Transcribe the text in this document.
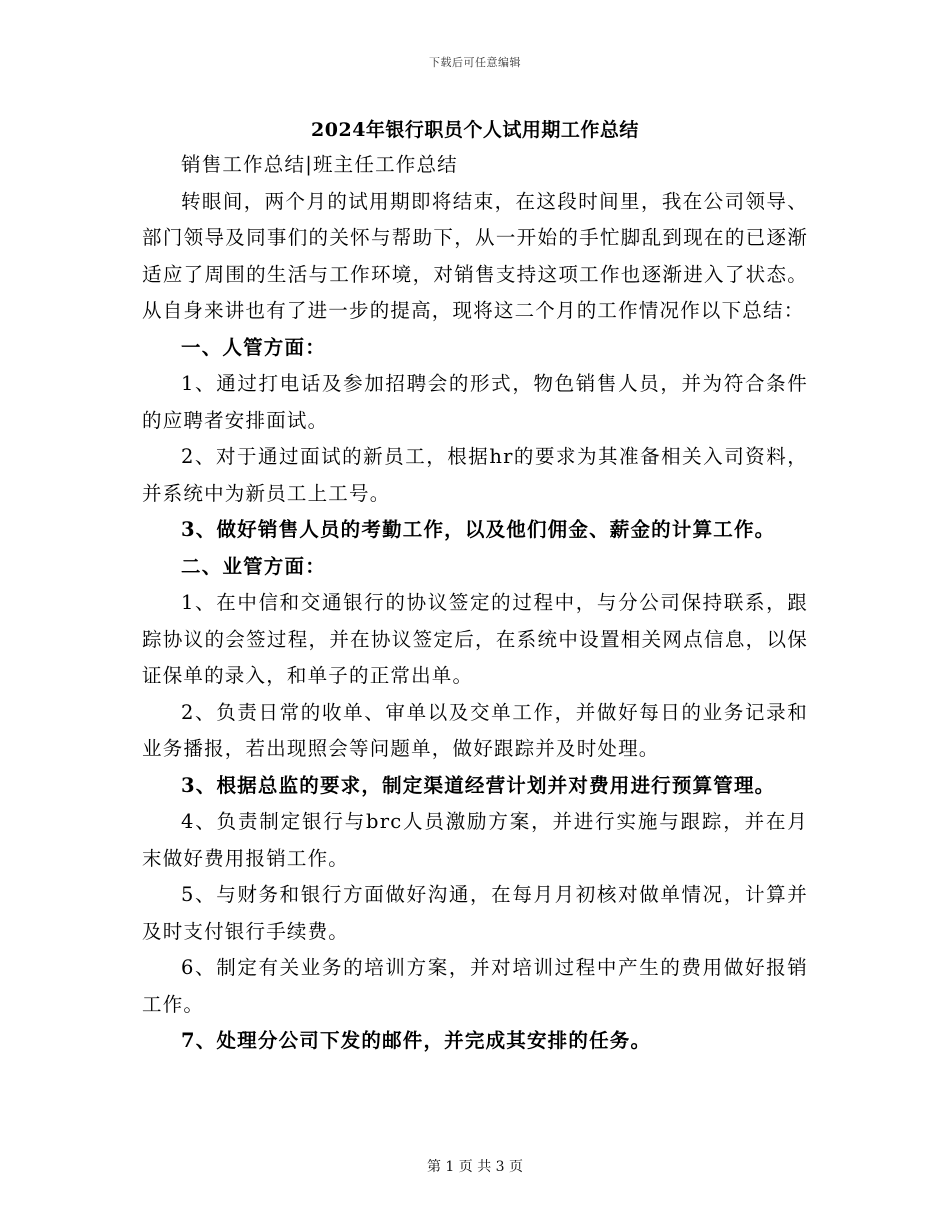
下载后可任意编辑
2024年银行职员个人试用期工作总结

销售工作总结|班主任工作总结

转眼间，两个月的试用期即将结束，在这段时间里，我在公司领导、部门领导及同事们的关怀与帮助下，从一开始的手忙脚乱到现在的已逐渐适应了周围的生活与工作环境，对销售支持这项工作也逐渐进入了状态。从自身来讲也有了进一步的提高，现将这二个月的工作情况作以下总结：

一、人管方面：

1、通过打电话及参加招聘会的形式，物色销售人员，并为符合条件的应聘者安排面试。

2、对于通过面试的新员工，根据hr的要求为其准备相关入司资料，并系统中为新员工上工号。

3、做好销售人员的考勤工作，以及他们佣金、薪金的计算工作。

二、业管方面：

1、在中信和交通银行的协议签定的过程中，与分公司保持联系，跟踪协议的会签过程，并在协议签定后，在系统中设置相关网点信息，以保证保单的录入，和单子的正常出单。

2、负责日常的收单、审单以及交单工作，并做好每日的业务记录和业务播报，若出现照会等问题单，做好跟踪并及时处理。

3、根据总监的要求，制定渠道经营计划并对费用进行预算管理。

4、负责制定银行与brc人员激励方案，并进行实施与跟踪，并在月末做好费用报销工作。

5、与财务和银行方面做好沟通，在每月月初核对做单情况，计算并及时支付银行手续费。

6、制定有关业务的培训方案，并对培训过程中产生的费用做好报销工作。

7、处理分公司下发的邮件，并完成其安排的任务。

第 1 页 共 3 页
